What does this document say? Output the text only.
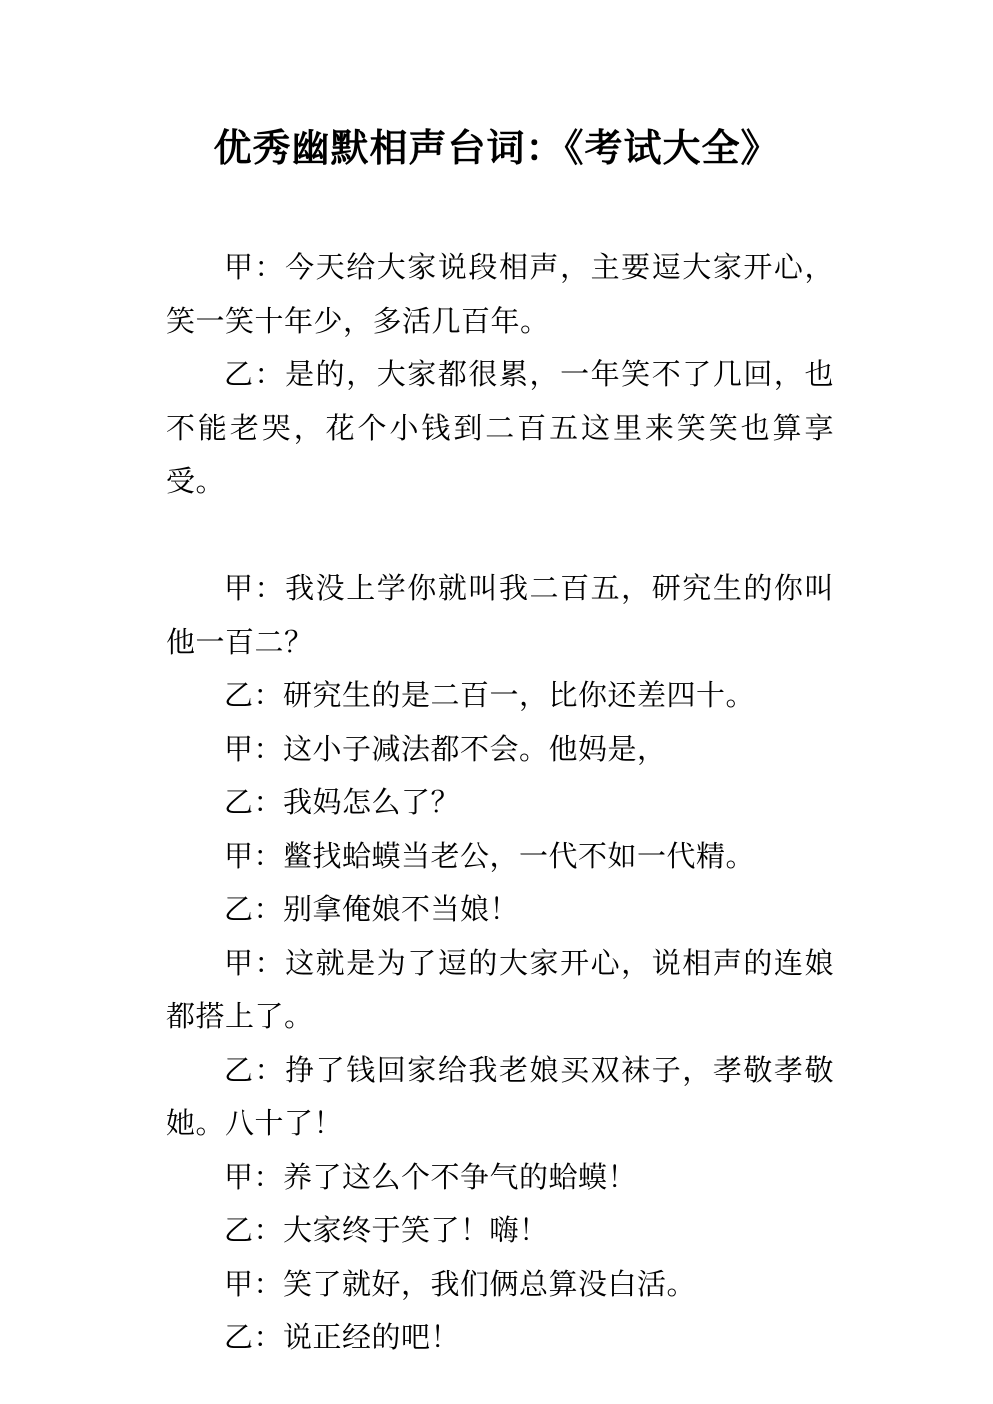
优秀幽默相声台词：《考试大全》

甲：今天给大家说段相声，主要逗大家开心，笑一笑十年少，多活几百年。

乙：是的，大家都很累，一年笑不了几回，也不能老哭，花个小钱到二百五这里来笑笑也算享受。

甲：我没上学你就叫我二百五，研究生的你叫他一百二？

乙：研究生的是二百一，比你还差四十。

甲：这小子减法都不会。他妈是，

乙：我妈怎么了？

甲：鳖找蛤蟆当老公，一代不如一代精。

乙：别拿俺娘不当娘！

甲：这就是为了逗的大家开心，说相声的连娘都搭上了。

乙：挣了钱回家给我老娘买双袜子，孝敬孝敬她。八十了！

甲：养了这么个不争气的蛤蟆！

乙：大家终于笑了！嗨！

甲：笑了就好，我们俩总算没白活。

乙：说正经的吧！
